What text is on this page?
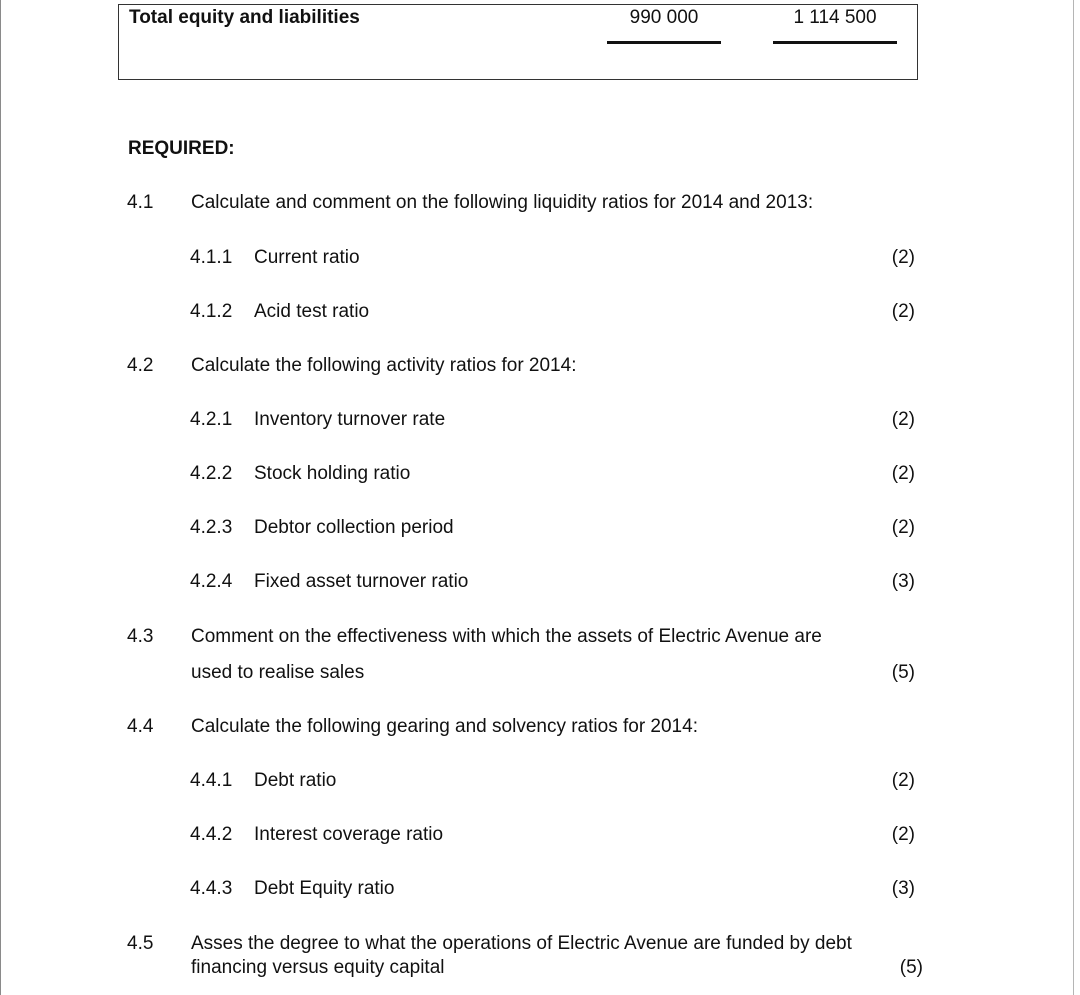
Total equity and liabilities	990 000	1 114 500
REQUIRED:
4.1 Calculate and comment on the following liquidity ratios for 2014 and 2013:
4.1.1 Current ratio	(2)
4.1.2 Acid test ratio	(2)
4.2 Calculate the following activity ratios for 2014:
4.2.1 Inventory turnover rate	(2)
4.2.2 Stock holding ratio	(2)
4.2.3 Debtor collection period	(2)
4.2.4 Fixed asset turnover ratio	(3)
4.3 Comment on the effectiveness with which the assets of Electric Avenue are
used to realise sales	(5)
4.4 Calculate the following gearing and solvency ratios for 2014:
4.4.1 Debt ratio	(2)
4.4.2 Interest coverage ratio	(2)
4.4.3 Debt Equity ratio	(3)
4.5 Asses the degree to what the operations of Electric Avenue are funded by debt
financing versus equity capital	(5)
